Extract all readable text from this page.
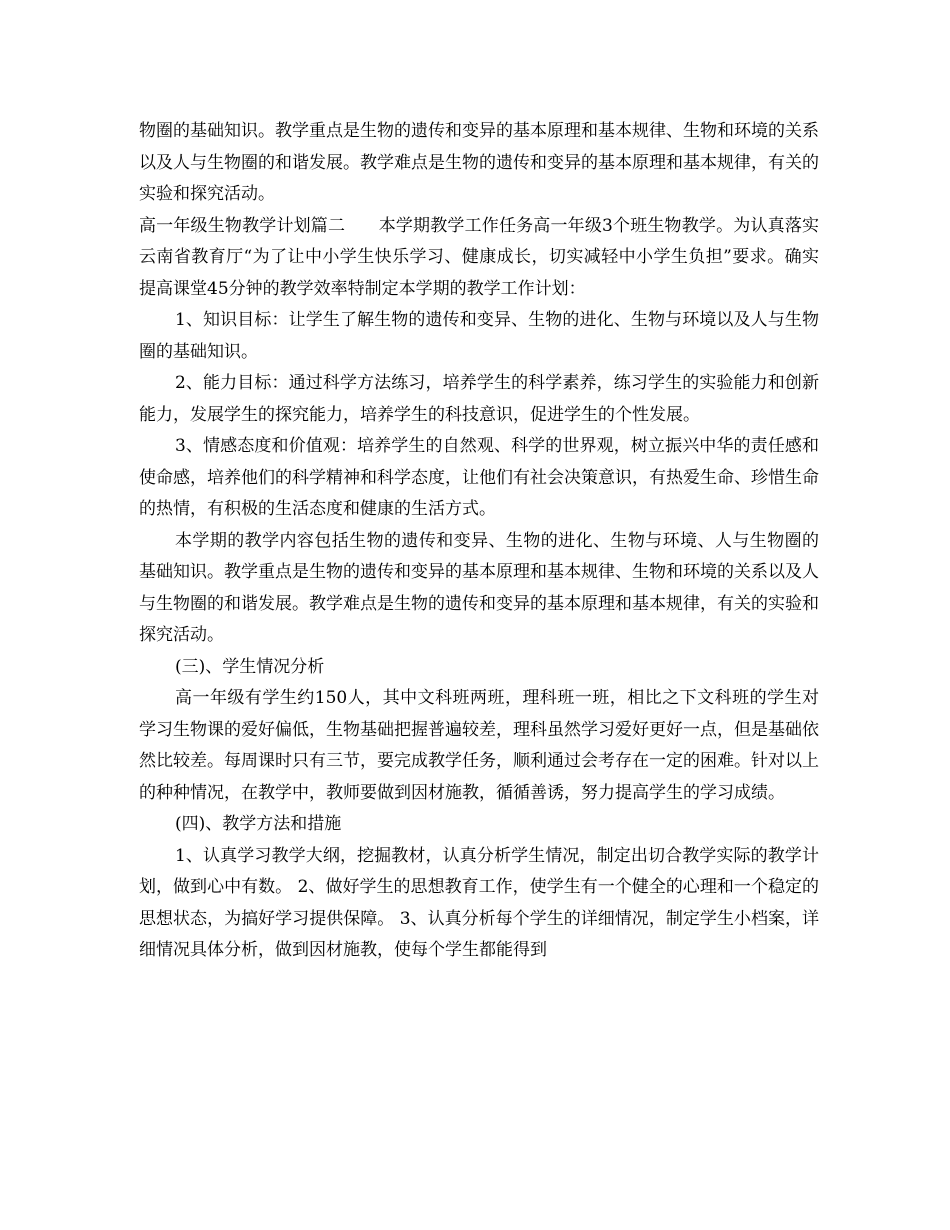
物圈的基础知识。教学重点是生物的遗传和变异的基本原理和基本规律、生物和环境的关系以及人与生物圈的和谐发展。教学难点是生物的遗传和变异的基本原理和基本规律，有关的实验和探究活动。

高一年级生物教学计划篇二 本学期教学工作任务高一年级3个班生物教学。为认真落实云南省教育厅“为了让中小学生快乐学习、健康成长，切实减轻中小学生负担”要求。确实提高课堂45分钟的教学效率特制定本学期的教学工作计划：

1、知识目标：让学生了解生物的遗传和变异、生物的进化、生物与环境以及人与生物圈的基础知识。

2、能力目标：通过科学方法练习，培养学生的科学素养，练习学生的实验能力和创新能力，发展学生的探究能力，培养学生的科技意识，促进学生的个性发展。

3、情感态度和价值观：培养学生的自然观、科学的世界观，树立振兴中华的责任感和使命感，培养他们的科学精神和科学态度，让他们有社会决策意识，有热爱生命、珍惜生命的热情，有积极的生活态度和健康的生活方式。

本学期的教学内容包括生物的遗传和变异、生物的进化、生物与环境、人与生物圈的基础知识。教学重点是生物的遗传和变异的基本原理和基本规律、生物和环境的关系以及人与生物圈的和谐发展。教学难点是生物的遗传和变异的基本原理和基本规律，有关的实验和探究活动。

(三)、学生情况分析

高一年级有学生约150人，其中文科班两班，理科班一班，相比之下文科班的学生对学习生物课的爱好偏低，生物基础把握普遍较差，理科虽然学习爱好更好一点，但是基础依然比较差。每周课时只有三节，要完成教学任务，顺利通过会考存在一定的困难。针对以上的种种情况，在教学中，教师要做到因材施教，循循善诱，努力提高学生的学习成绩。

(四)、教学方法和措施

1、认真学习教学大纲，挖掘教材，认真分析学生情况，制定出切合教学实际的教学计划，做到心中有数。 2、做好学生的思想教育工作，使学生有一个健全的心理和一个稳定的思想状态，为搞好学习提供保障。 3、认真分析每个学生的详细情况，制定学生小档案，详细情况具体分析，做到因材施教，使每个学生都能得到
